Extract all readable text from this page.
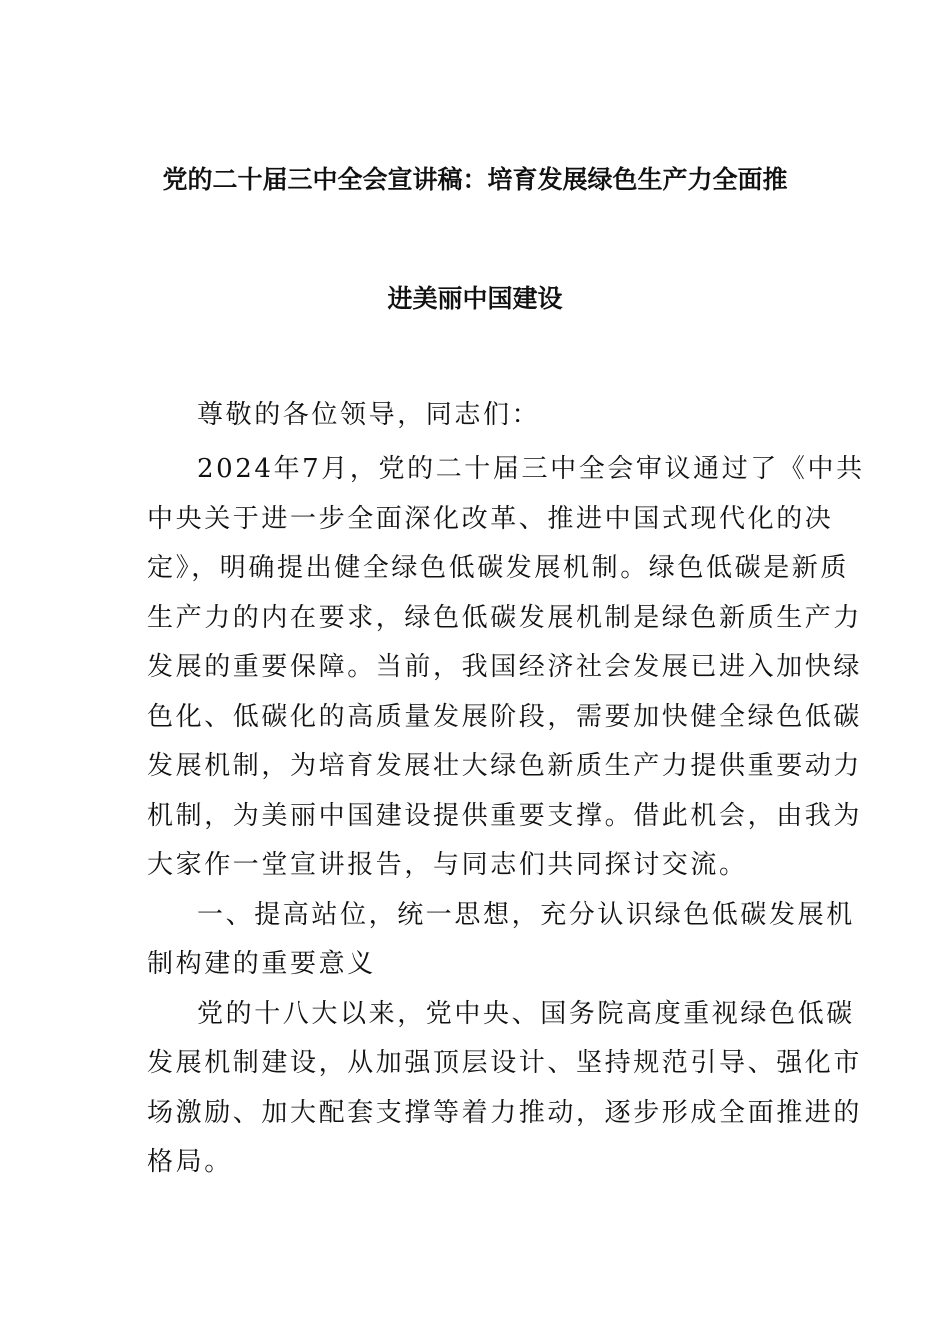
党的二十届三中全会宣讲稿：培育发展绿色生产力全面推
进美丽中国建设
尊敬的各位领导，同志们：
2024年7月，党的二十届三中全会审议通过了《中共
中央关于进一步全面深化改革、推进中国式现代化的决
定》，明确提出健全绿色低碳发展机制。绿色低碳是新质
生产力的内在要求，绿色低碳发展机制是绿色新质生产力
发展的重要保障。当前，我国经济社会发展已进入加快绿
色化、低碳化的高质量发展阶段，需要加快健全绿色低碳
发展机制，为培育发展壮大绿色新质生产力提供重要动力
机制，为美丽中国建设提供重要支撑。借此机会，由我为
大家作一堂宣讲报告，与同志们共同探讨交流。
一、提高站位，统一思想，充分认识绿色低碳发展机
制构建的重要意义
党的十八大以来，党中央、国务院高度重视绿色低碳
发展机制建设，从加强顶层设计、坚持规范引导、强化市
场激励、加大配套支撑等着力推动，逐步形成全面推进的
格局。
